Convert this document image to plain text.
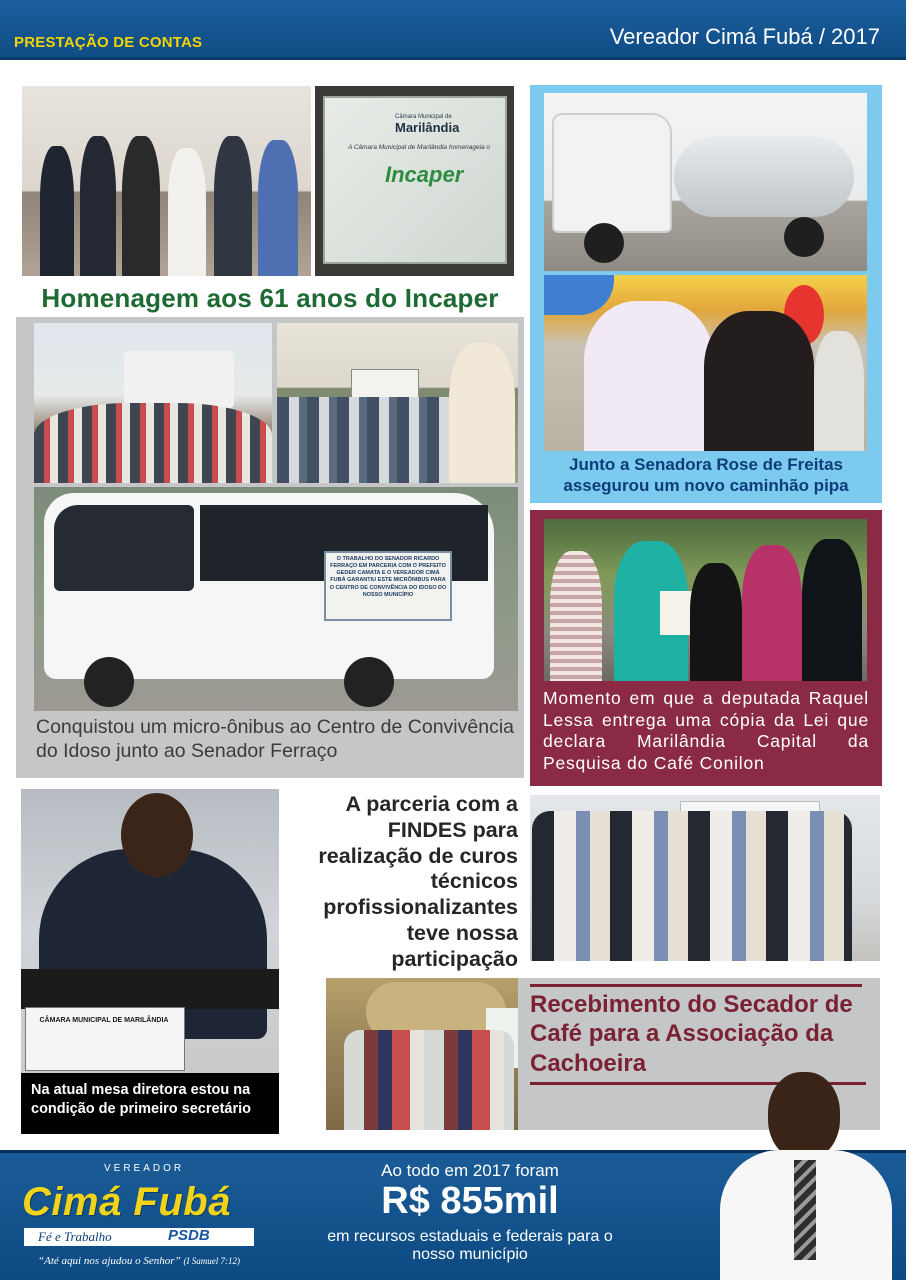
PRESTAÇÃO DE CONTAS	Vereador Cimá Fubá / 2017
Câmara Municipal de
Marilândia
A Câmara Municipal de Marilândia homenageia o
Incaper
Homenagem aos 61 anos do Incaper
O TRABALHO DO SENADOR RICARDO FERRAÇO EM PARCERIA COM O PREFEITO GEDER CAMATA E O VEREADOR CIMÁ FUBÁ GARANTIU ESTE MICRÔNIBUS PARA O CENTRO DE CONVIVÊNCIA DO IDOSO DO NOSSO MUNICÍPIO
Conquistou um micro-ônibus ao Centro de Convivência do Idoso junto ao Senador Ferraço
Junto a Senadora Rose de Freitas assegurou um novo caminhão pipa
Momento em que a deputada Raquel Lessa entrega uma cópia da Lei que declara Marilândia Capital da Pesquisa do Café Conilon
CÂMARA MUNICIPAL DE MARILÂNDIA
Na atual mesa diretora estou na condição de primeiro secretário
A parceria com a FINDES para realização de curos técnicos profissionalizantes teve nossa participação
Recebimento do Secador de Café para a Associação da Cachoeira
VEREADOR
Cimá Fubá
Fé e Trabalho	PSDB
“Até aqui nos ajudou o Senhor” (I Samuel 7:12)
Ao todo em 2017 foram
R$ 855mil
em recursos estaduais e federais para o nosso município
